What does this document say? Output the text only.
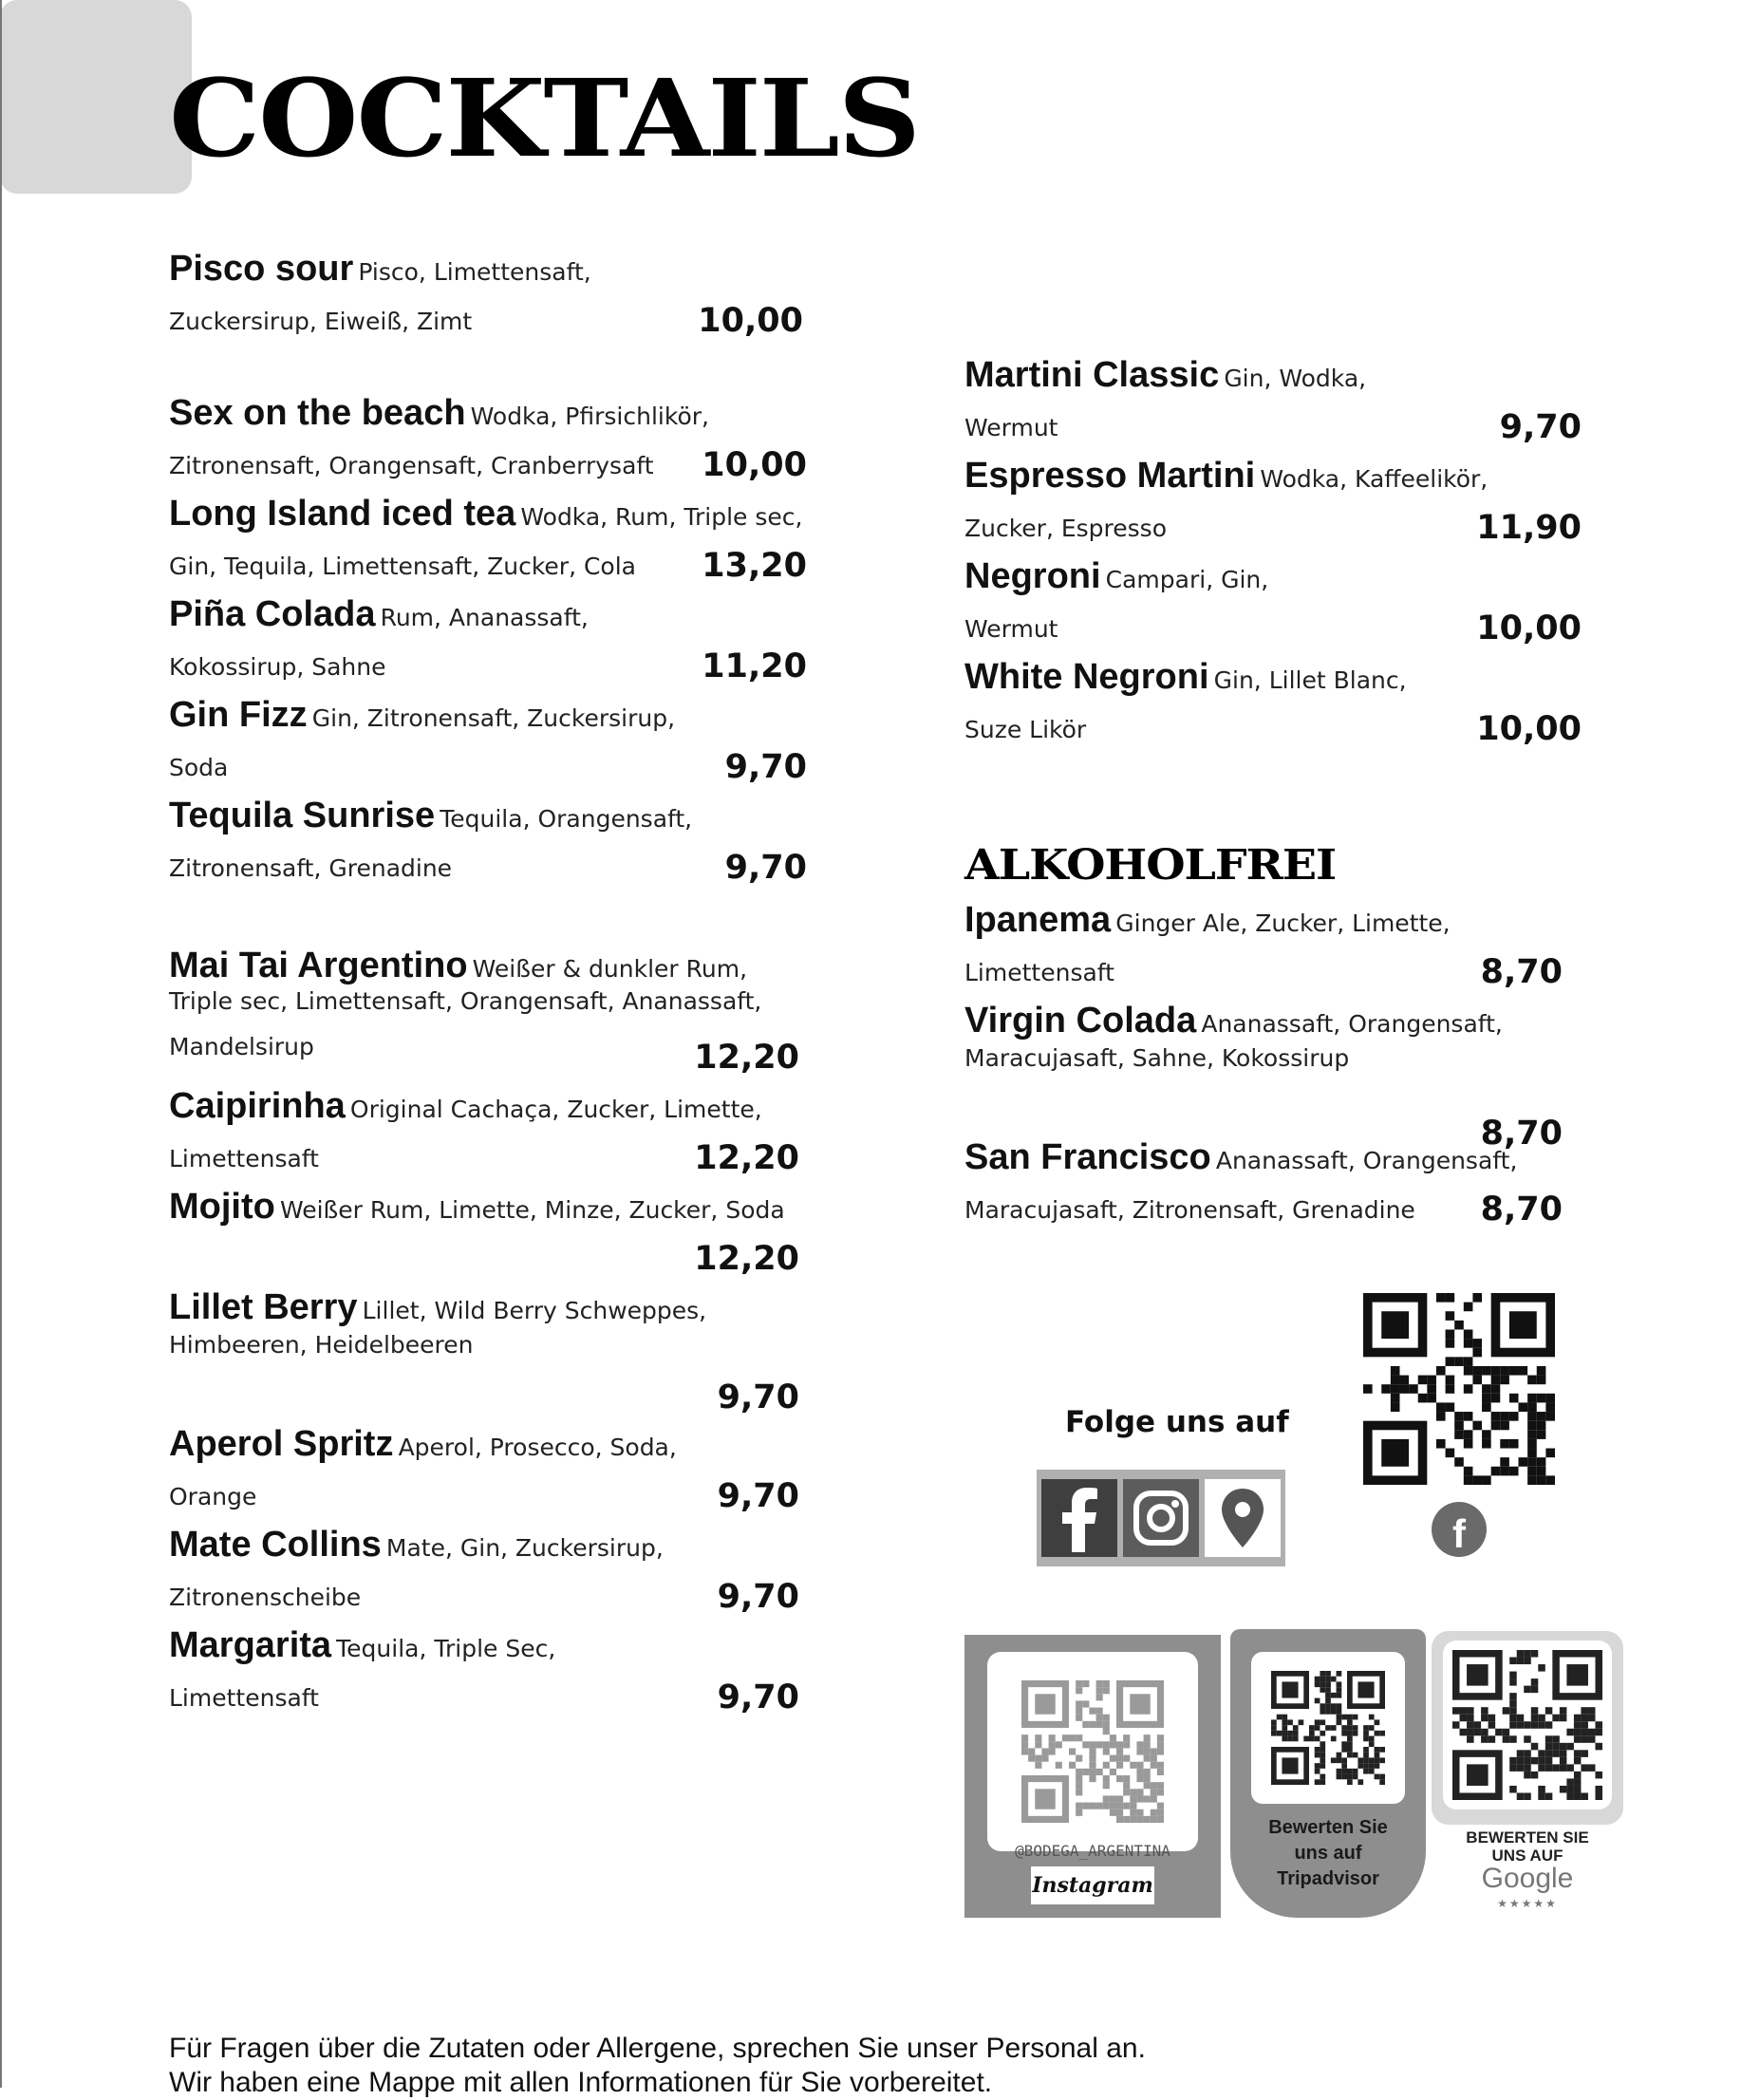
COCKTAILS
Pisco sour Pisco, Limettensaft,
Zuckersirup, Eiweiß, Zimt	10,00
Sex on the beach Wodka, Pfirsichlikör,
Zitronensaft, Orangensaft, Cranberrysaft	10,00
Long Island iced tea Wodka, Rum, Triple sec,
Gin, Tequila, Limettensaft, Zucker, Cola	13,20
Piña Colada Rum, Ananassaft,
Kokossirup, Sahne	11,20
Gin Fizz Gin, Zitronensaft, Zuckersirup,
Soda	9,70
Tequila Sunrise Tequila, Orangensaft,
Zitronensaft, Grenadine	9,70
Mai Tai Argentino Weißer & dunkler Rum,
Triple sec, Limettensaft, Orangensaft, Ananassaft,
Mandelsirup	12,20
Caipirinha Original Cachaça, Zucker, Limette,
Limettensaft	12,20
Mojito Weißer Rum, Limette, Minze, Zucker, Soda
12,20
Lillet Berry Lillet, Wild Berry Schweppes,
Himbeeren, Heidelbeeren
9,70
Aperol Spritz Aperol, Prosecco, Soda,
Orange	9,70
Mate Collins Mate, Gin, Zuckersirup,
Zitronenscheibe	9,70
Margarita Tequila, Triple Sec,
Limettensaft	9,70
Martini Classic Gin, Wodka,
Wermut	9,70
Espresso Martini Wodka, Kaffeelikör,
Zucker, Espresso	11,90
Negroni Campari, Gin,
Wermut	10,00
White Negroni Gin, Lillet Blanc,
Suze Likör	10,00
Ipanema Ginger Ale, Zucker, Limette,
Limettensaft	8,70
Virgin Colada Ananassaft, Orangensaft,
Maracujasaft, Sahne, Kokossirup
8,70
San Francisco Ananassaft, Orangensaft,
Maracujasaft, Zitronensaft, Grenadine	8,70
ALKOHOLFREI
Folge uns auf
f
@BODEGA_ARGENTINA
Instagram
Bewerten Sie
uns auf
Tripadvisor
BEWERTEN SIE
UNS AUF
Google
★★★★★
Für Fragen über die Zutaten oder Allergene, sprechen Sie unser Personal an.
Wir haben eine Mappe mit allen Informationen für Sie vorbereitet.
